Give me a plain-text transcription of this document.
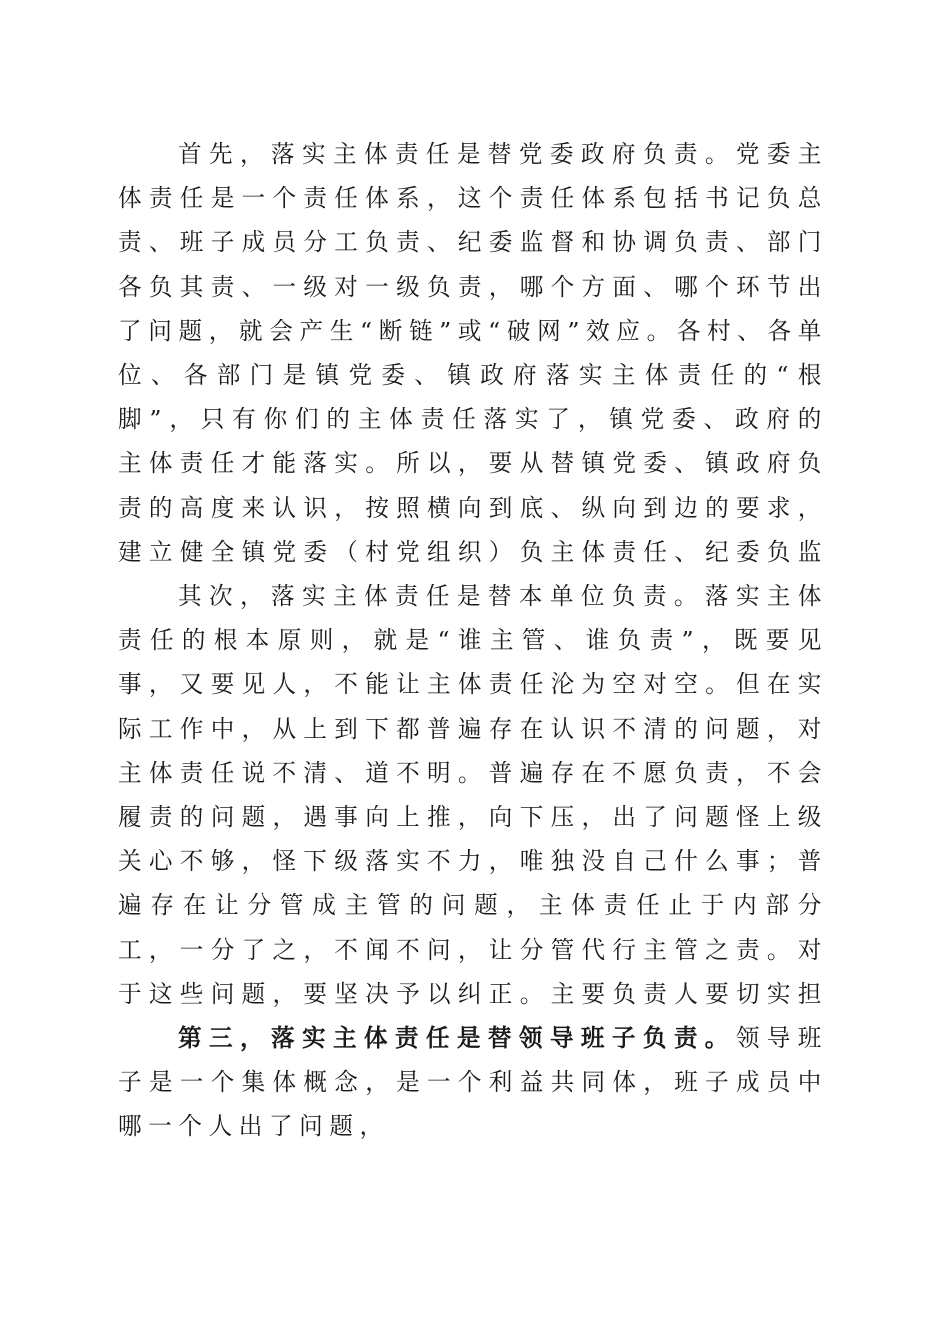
首先，落实主体责任是替党委政府负责。党委主体责任是一个责任体系，这个责任体系包括书记负总责、班子成员分工负责、纪委监督和协调负责、部门各负其责、一级对一级负责，哪个方面、哪个环节出了问题，就会产生“断链”或“破网”效应。各村、各单位、各部门是镇党委、镇政府落实主体责任的“根脚”，只有你们的主体责任落实了，镇党委、政府的主体责任才能落实。所以，要从替镇党委、镇政府负责的高度来认识，按照横向到底、纵向到边的要求，建立健全镇党委（村党组织）负主体责任、纪委负监

其次，落实主体责任是替本单位负责。落实主体责任的根本原则，就是“谁主管、谁负责”，既要见事，又要见人，不能让主体责任沦为空对空。但在实际工作中，从上到下都普遍存在认识不清的问题，对主体责任说不清、道不明。普遍存在不愿负责，不会履责的问题，遇事向上推，向下压，出了问题怪上级关心不够，怪下级落实不力，唯独没自己什么事；普遍存在让分管成主管的问题，主体责任止于内部分工，一分了之，不闻不问，让分管代行主管之责。对于这些问题，要坚决予以纠正。主要负责人要切实担

第三，落实主体责任是替领导班子负责。领导班子是一个集体概念，是一个利益共同体，班子成员中哪一个人出了问题，
